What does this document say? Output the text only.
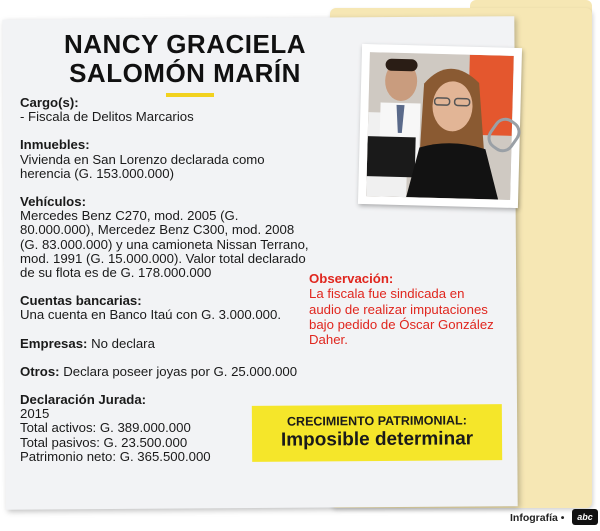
NANCY GRACIELA
SALOMÓN MARÍN
Cargo(s):
- Fiscala de Delitos Marcarios
Inmuebles:
Vivienda en San Lorenzo declarada como herencia (G. 153.000.000)
Vehículos:
Mercedes Benz C270, mod. 2005 (G. 80.000.000), Mercedez Benz C300, mod. 2008 (G. 83.000.000) y una camioneta Nissan Terrano, mod. 1991 (G. 15.000.000). Valor total declarado de su flota es de G. 178.000.000
Cuentas bancarias:
Una cuenta en Banco Itaú con G. 3.000.000.
Empresas: No declara
Otros: Declara poseer joyas por G. 25.000.000
Declaración Jurada:
2015
Total activos: G. 389.000.000
Total pasivos: G. 23.500.000
Patrimonio neto: G. 365.500.000
Observación:
La fiscala fue sindicada en audio de realizar imputaciones bajo pedido de Óscar González Daher.
CRECIMIENTO PATRIMONIAL:
Imposible determinar
Infografía •	abc
